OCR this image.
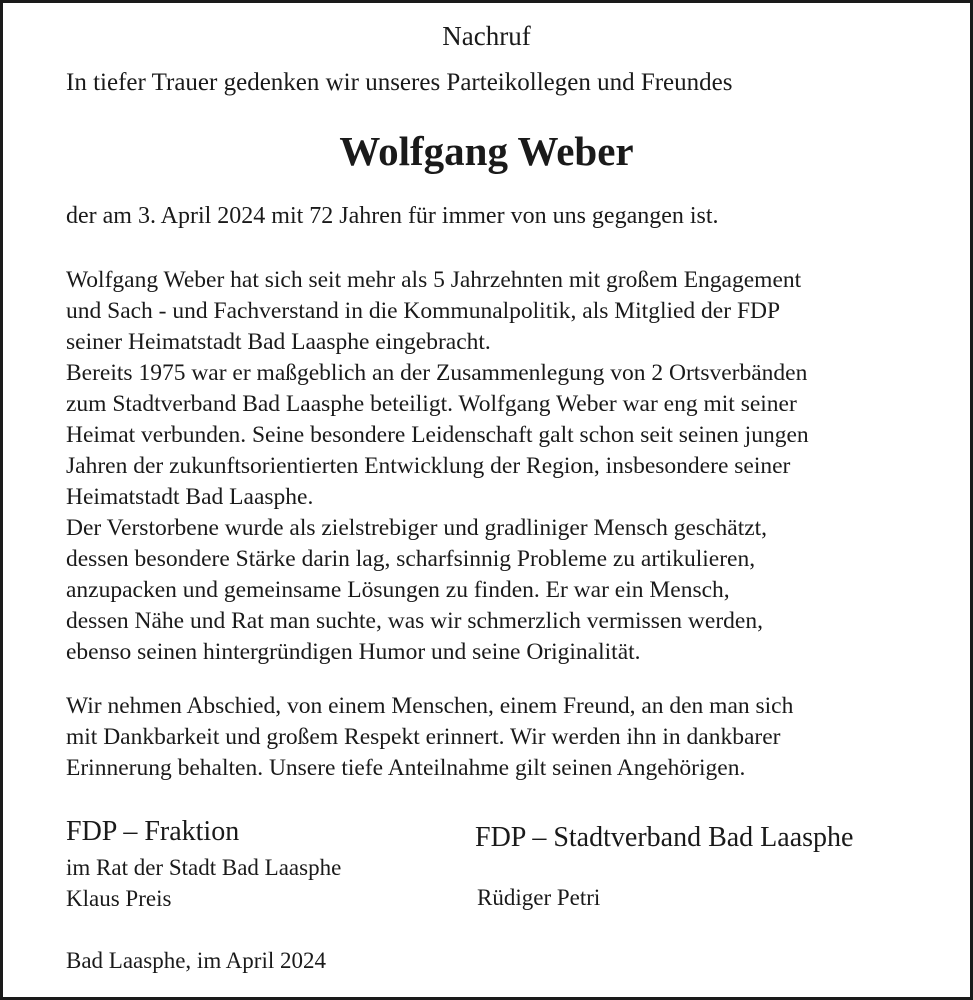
Nachruf

In tiefer Trauer gedenken wir unseres Parteikollegen und Freundes

Wolfgang Weber

der am 3. April 2024 mit 72 Jahren für immer von uns gegangen ist.

Wolfgang Weber hat sich seit mehr als 5 Jahrzehnten mit großem Engagement
und Sach - und Fachverstand in die Kommunalpolitik, als Mitglied der FDP
seiner Heimatstadt Bad Laasphe eingebracht.
Bereits 1975 war er maßgeblich an der Zusammenlegung von 2 Ortsverbänden
zum Stadtverband Bad Laasphe beteiligt. Wolfgang Weber war eng mit seiner
Heimat verbunden. Seine besondere Leidenschaft galt schon seit seinen jungen
Jahren der zukunftsorientierten Entwicklung der Region, insbesondere seiner
Heimatstadt Bad Laasphe.
Der Verstorbene wurde als zielstrebiger und gradliniger Mensch geschätzt,
dessen besondere Stärke darin lag, scharfsinnig Probleme zu artikulieren,
anzupacken und gemeinsame Lösungen zu finden. Er war ein Mensch,
dessen Nähe und Rat man suchte, was wir schmerzlich vermissen werden,
ebenso seinen hintergründigen Humor und seine Originalität.
Wir nehmen Abschied, von einem Menschen, einem Freund, an den man sich
mit Dankbarkeit und großem Respekt erinnert. Wir werden ihn in dankbarer
Erinnerung behalten. Unsere tiefe Anteilnahme gilt seinen Angehörigen.

FDP – Fraktion

im Rat der Stadt Bad Laasphe

Klaus Preis

FDP – Stadtverband Bad Laasphe

Rüdiger Petri

Bad Laasphe, im April 2024
